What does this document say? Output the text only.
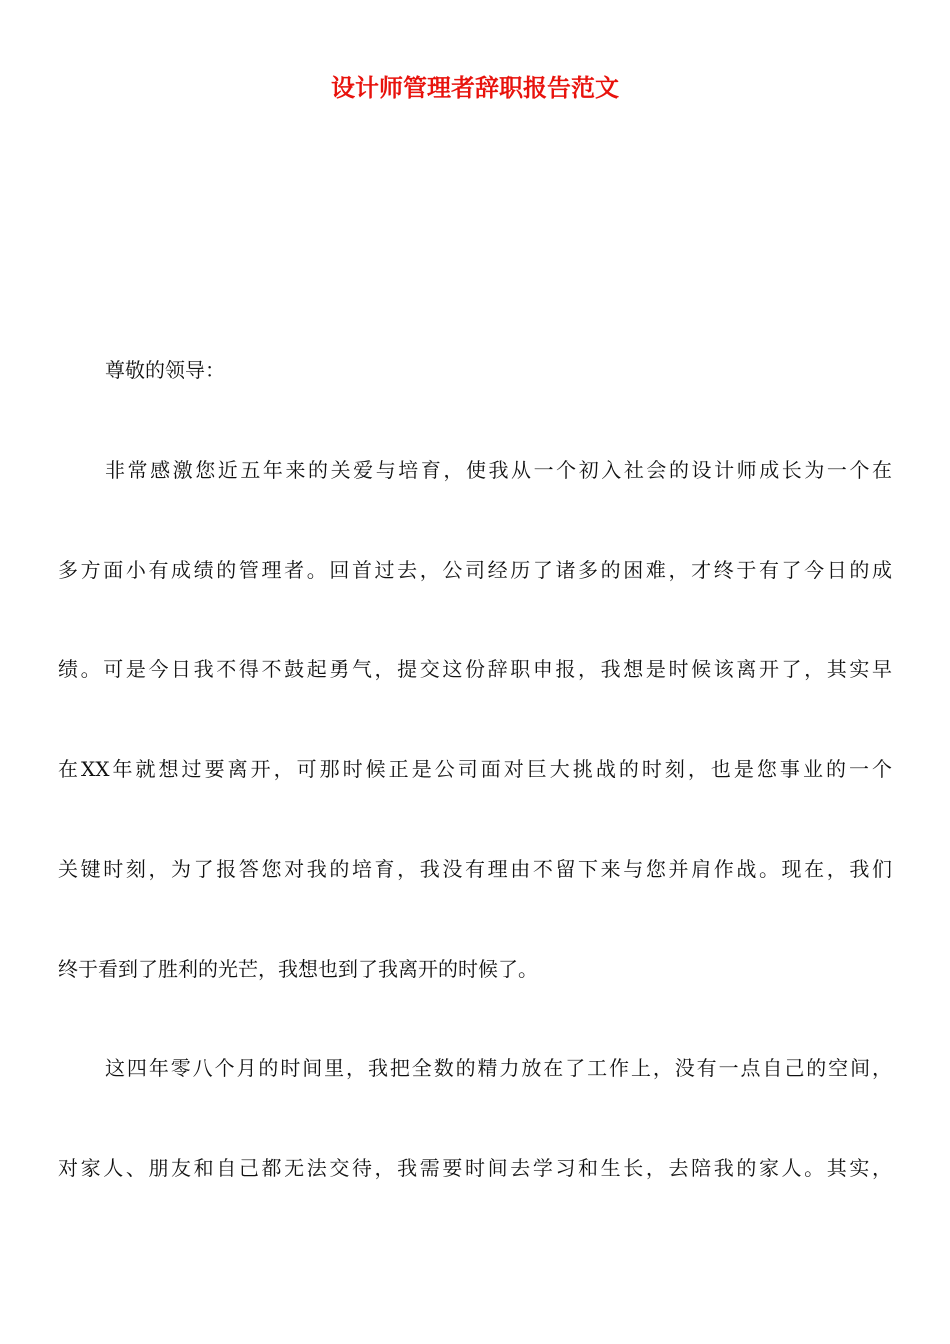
设计师管理者辞职报告范文

尊敬的领导：

非常感激您近五年来的关爱与培育，使我从一个初入社会的设计师成长为一个在

多方面小有成绩的管理者。回首过去，公司经历了诸多的困难，才终于有了今日的成

绩。可是今日我不得不鼓起勇气，提交这份辞职申报，我想是时候该离开了，其实早

在XX年就想过要离开，可那时候正是公司面对巨大挑战的时刻，也是您事业的一个

关键时刻，为了报答您对我的培育，我没有理由不留下来与您并肩作战。现在，我们

终于看到了胜利的光芒，我想也到了我离开的时候了。

这四年零八个月的时间里，我把全数的精力放在了工作上，没有一点自己的空间，

对家人、朋友和自己都无法交待，我需要时间去学习和生长，去陪我的家人。其实，
